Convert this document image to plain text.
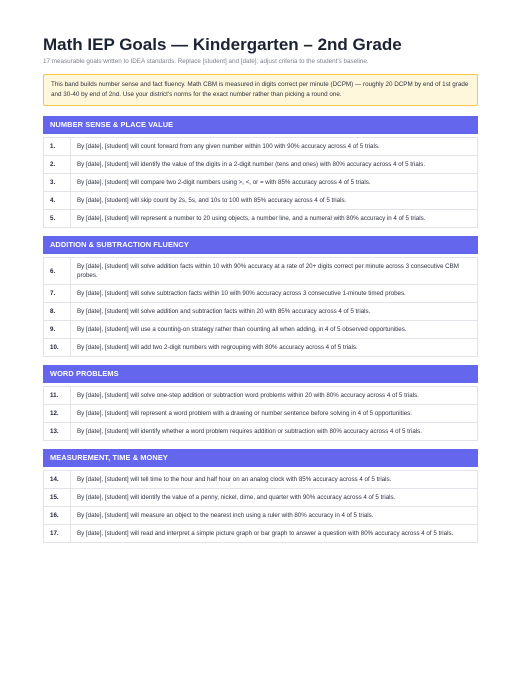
Math IEP Goals — Kindergarten – 2nd Grade
17 measurable goals written to IDEA standards. Replace [student] and [date]; adjust criteria to the student's baseline.
This band builds number sense and fact fluency. Math CBM is measured in digits correct per minute (DCPM) — roughly 20 DCPM by end of 1st grade and 30-40 by end of 2nd. Use your district's norms for the exact number rather than picking a round one.
NUMBER SENSE & PLACE VALUE
1.	By [date], [student] will count forward from any given number within 100 with 90% accuracy across 4 of 5 trials.
2.	By [date], [student] will identify the value of the digits in a 2-digit number (tens and ones) with 80% accuracy across 4 of 5 trials.
3.	By [date], [student] will compare two 2-digit numbers using >, <, or = with 85% accuracy across 4 of 5 trials.
4.	By [date], [student] will skip count by 2s, 5s, and 10s to 100 with 85% accuracy across 4 of 5 trials.
5.	By [date], [student] will represent a number to 20 using objects, a number line, and a numeral with 80% accuracy in 4 of 5 trials.
ADDITION & SUBTRACTION FLUENCY
6.	By [date], [student] will solve addition facts within 10 with 90% accuracy at a rate of 20+ digits correct per minute across 3 consecutive CBM probes.
7.	By [date], [student] will solve subtraction facts within 10 with 90% accuracy across 3 consecutive 1-minute timed probes.
8.	By [date], [student] will solve addition and subtraction facts within 20 with 85% accuracy across 4 of 5 trials.
9.	By [date], [student] will use a counting-on strategy rather than counting all when adding, in 4 of 5 observed opportunities.
10.	By [date], [student] will add two 2-digit numbers with regrouping with 80% accuracy across 4 of 5 trials.
WORD PROBLEMS
11.	By [date], [student] will solve one-step addition or subtraction word problems within 20 with 80% accuracy across 4 of 5 trials.
12.	By [date], [student] will represent a word problem with a drawing or number sentence before solving in 4 of 5 opportunities.
13.	By [date], [student] will identify whether a word problem requires addition or subtraction with 80% accuracy across 4 of 5 trials.
MEASUREMENT, TIME & MONEY
14.	By [date], [student] will tell time to the hour and half hour on an analog clock with 85% accuracy across 4 of 5 trials.
15.	By [date], [student] will identify the value of a penny, nickel, dime, and quarter with 90% accuracy across 4 of 5 trials.
16.	By [date], [student] will measure an object to the nearest inch using a ruler with 80% accuracy in 4 of 5 trials.
17.	By [date], [student] will read and interpret a simple picture graph or bar graph to answer a question with 80% accuracy across 4 of 5 trials.
